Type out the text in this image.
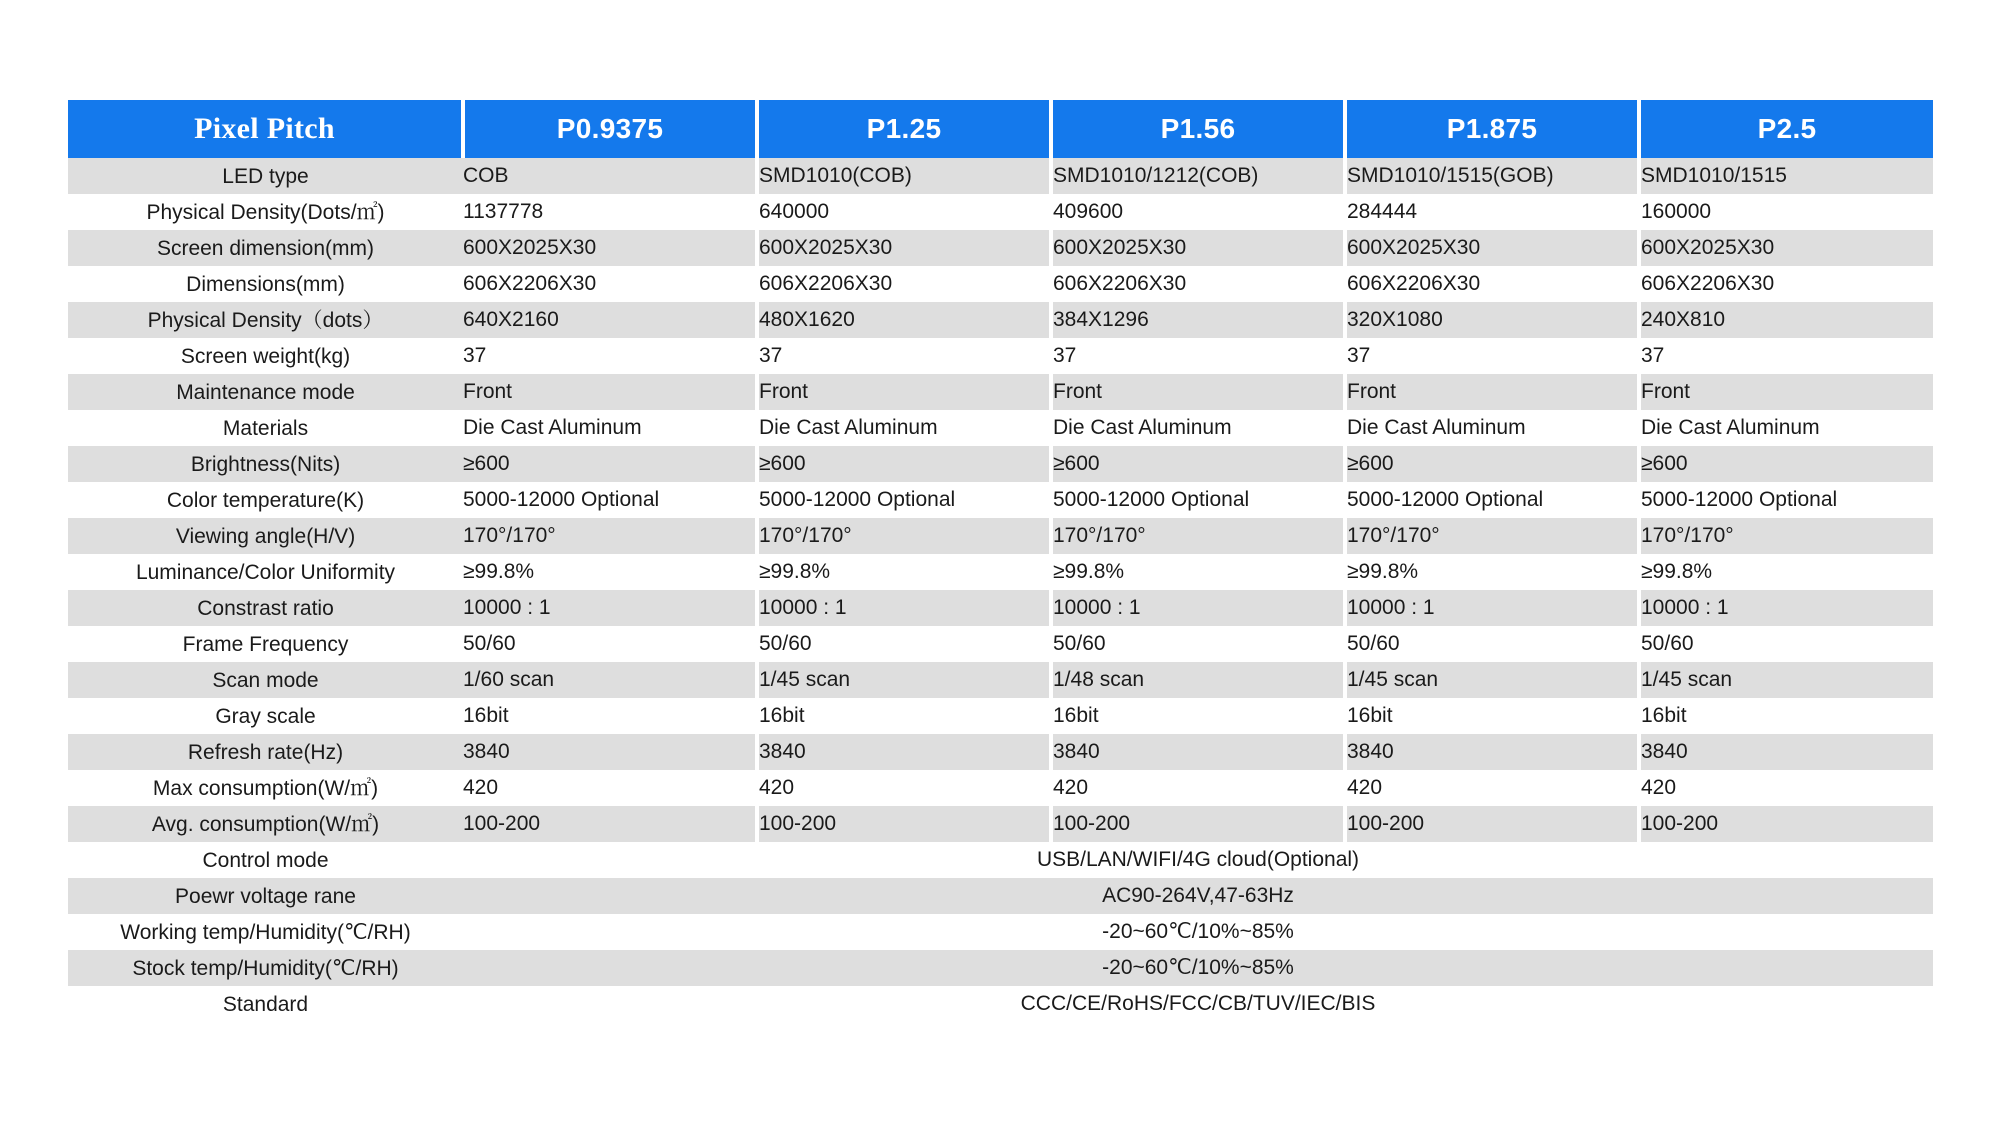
Pixel Pitch	P0.9375	P1.25	P1.56	P1.875	P2.5
LED type	COB	SMD1010(COB)	SMD1010/1212(COB)	SMD1010/1515(GOB)	SMD1010/1515
Physical Density(Dots/㎡)	1137778	640000	409600	284444	160000
Screen dimension(mm)	600X2025X30	600X2025X30	600X2025X30	600X2025X30	600X2025X30
Dimensions(mm)	606X2206X30	606X2206X30	606X2206X30	606X2206X30	606X2206X30
Physical Density（dots）	640X2160	480X1620	384X1296	320X1080	240X810
Screen weight(kg)	37	37	37	37	37
Maintenance mode	Front	Front	Front	Front	Front
Materials	Die Cast Aluminum	Die Cast Aluminum	Die Cast Aluminum	Die Cast Aluminum	Die Cast Aluminum
Brightness(Nits)	≥600	≥600	≥600	≥600	≥600
Color temperature(K)	5000-12000 Optional	5000-12000 Optional	5000-12000 Optional	5000-12000 Optional	5000-12000 Optional
Viewing angle(H/V)	170°/170°	170°/170°	170°/170°	170°/170°	170°/170°
Luminance/Color Uniformity	≥99.8%	≥99.8%	≥99.8%	≥99.8%	≥99.8%
Constrast ratio	10000 : 1	10000 : 1	10000 : 1	10000 : 1	10000 : 1
Frame Frequency	50/60	50/60	50/60	50/60	50/60
Scan mode	1/60 scan	1/45 scan	1/48 scan	1/45 scan	1/45 scan
Gray scale	16bit	16bit	16bit	16bit	16bit
Refresh rate(Hz)	3840	3840	3840	3840	3840
Max consumption(W/㎡)	420	420	420	420	420
Avg. consumption(W/㎡)	100-200	100-200	100-200	100-200	100-200
Control mode	USB/LAN/WIFI/4G cloud(Optional)				
Poewr voltage rane	AC90-264V,47-63Hz				
Working temp/Humidity(℃/RH)	-20~60℃/10%~85%				
Stock temp/Humidity(℃/RH)	-20~60℃/10%~85%				
Standard	CCC/CE/RoHS/FCC/CB/TUV/IEC/BIS				
